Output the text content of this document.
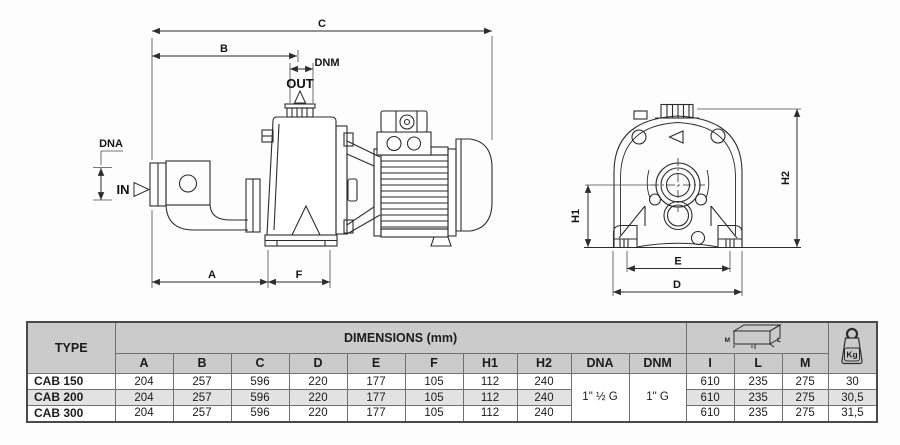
C
B
DNM
OUT
DNA
IN
A	F
H1
H2
E
D
TYPE	DIMENSIONS (mm)										M
I
L			Kg

	A	B	C	D	E	F	H1	H2	DNA	DNM	I	L	M	
CAB 150	204	257	596	220	177	105	112	240	1" ½ G	1" G	610	235	275	30
CAB 200	204	257	596	220	177	105	112	240			610	235	275	30,5
CAB 300	204	257	596	220	177	105	112	240			610	235	275	31,5
